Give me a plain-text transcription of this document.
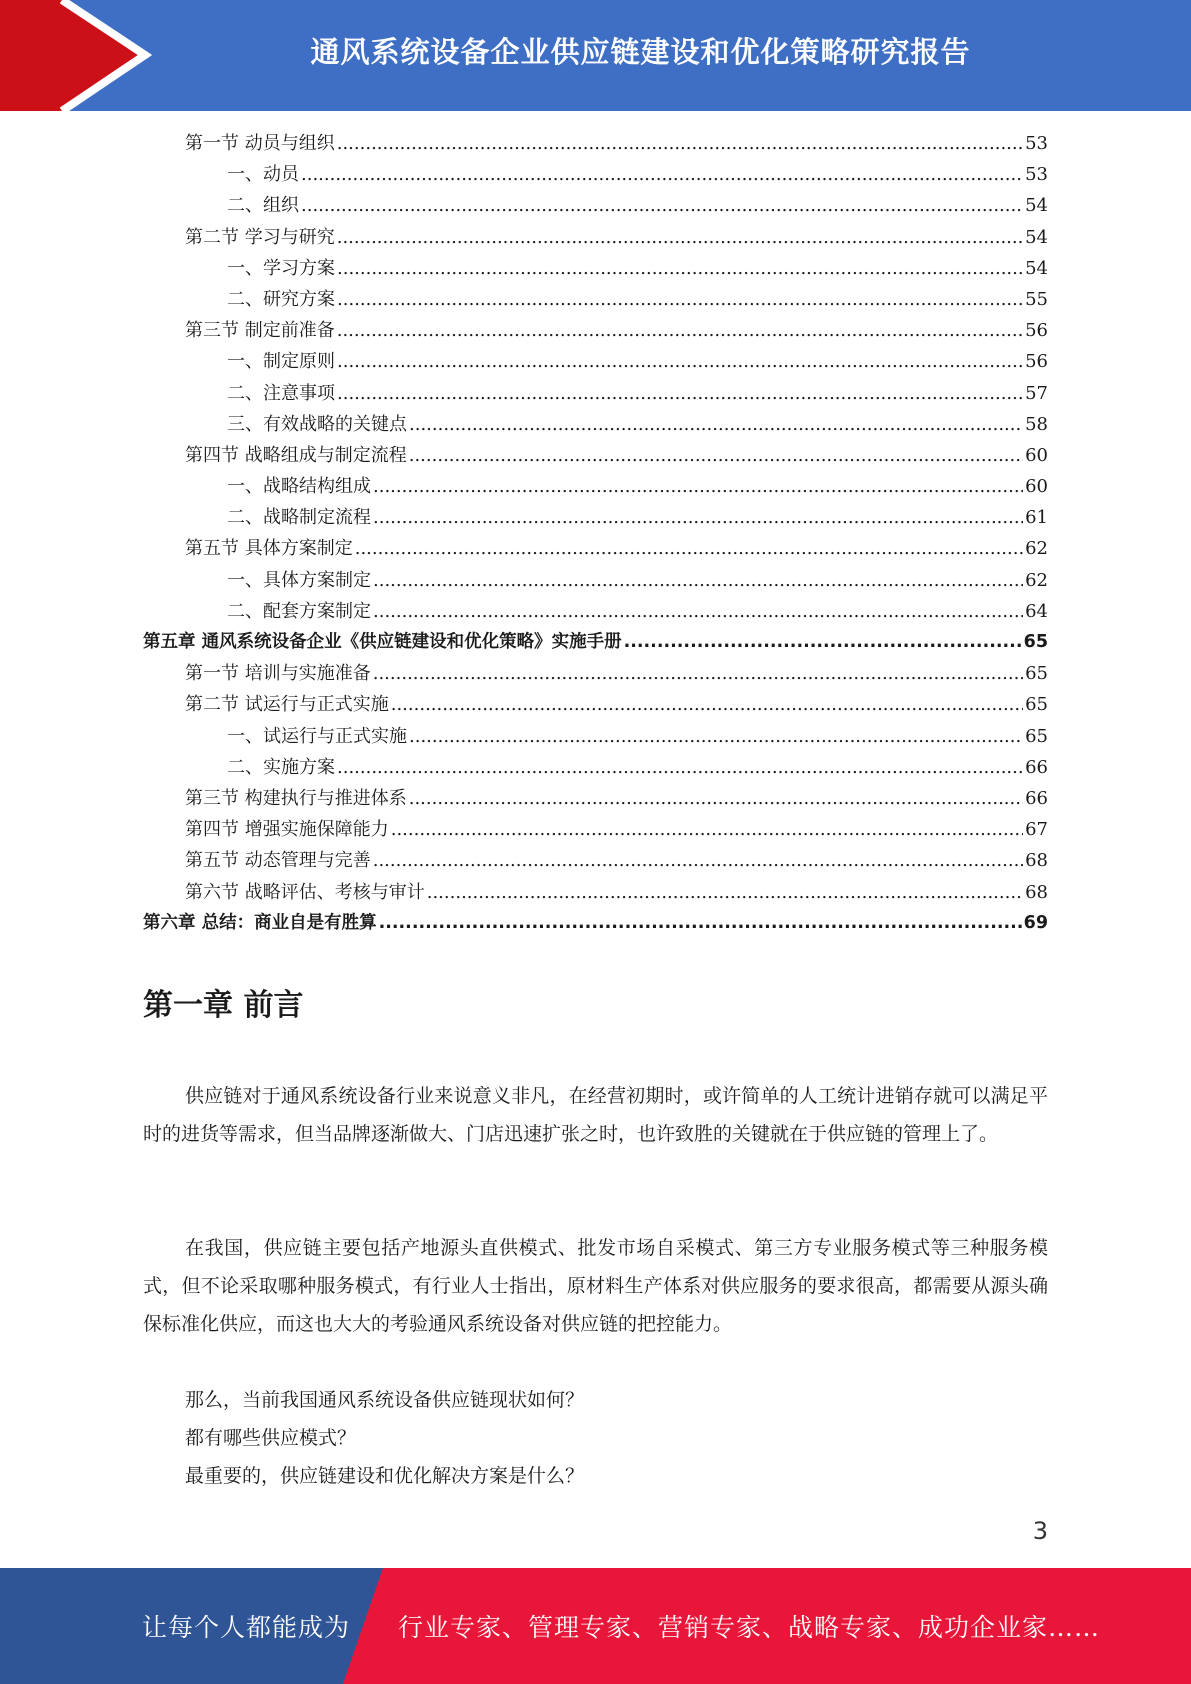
通风系统设备企业供应链建设和优化策略研究报告
第一节 动员与组织 .....	53
一、动员 .....	53
二、组织 .....	54
第二节 学习与研究 .....	54
一、学习方案 .....	54
二、研究方案 .....	55
第三节 制定前准备 .....	56
一、制定原则 .....	56
二、注意事项 .....	57
三、有效战略的关键点 .....	58
第四节 战略组成与制定流程 .....	60
一、战略结构组成 .....	60
二、战略制定流程 .....	61
第五节 具体方案制定 .....	62
一、具体方案制定 .....	62
二、配套方案制定 .....	64
第五章 通风系统设备企业《供应链建设和优化策略》实施手册 .....	65
第一节 培训与实施准备 .....	65
第二节 试运行与正式实施 .....	65
一、试运行与正式实施 .....	65
二、实施方案 .....	66
第三节 构建执行与推进体系 .....	66
第四节 增强实施保障能力 .....	67
第五节 动态管理与完善 .....	68
第六节 战略评估、考核与审计 .....	68
第六章 总结：商业自是有胜算 .....	69
第一章 前言

供应链对于通风系统设备行业来说意义非凡，在经营初期时，或许简单的人工统计进销存就可以满足平时的进货等需求，但当品牌逐渐做大、门店迅速扩张之时，也许致胜的关键就在于供应链的管理上了。

在我国，供应链主要包括产地源头直供模式、批发市场自采模式、第三方专业服务模式等三种服务模式，但不论采取哪种服务模式，有行业人士指出，原材料生产体系对供应服务的要求很高，都需要从源头确保标准化供应，而这也大大的考验通风系统设备对供应链的把控能力。

那么，当前我国通风系统设备供应链现状如何？

都有哪些供应模式？

最重要的，供应链建设和优化解决方案是什么？

3
让每个人都能成为 行业专家、管理专家、营销专家、战略专家、成功企业家……
